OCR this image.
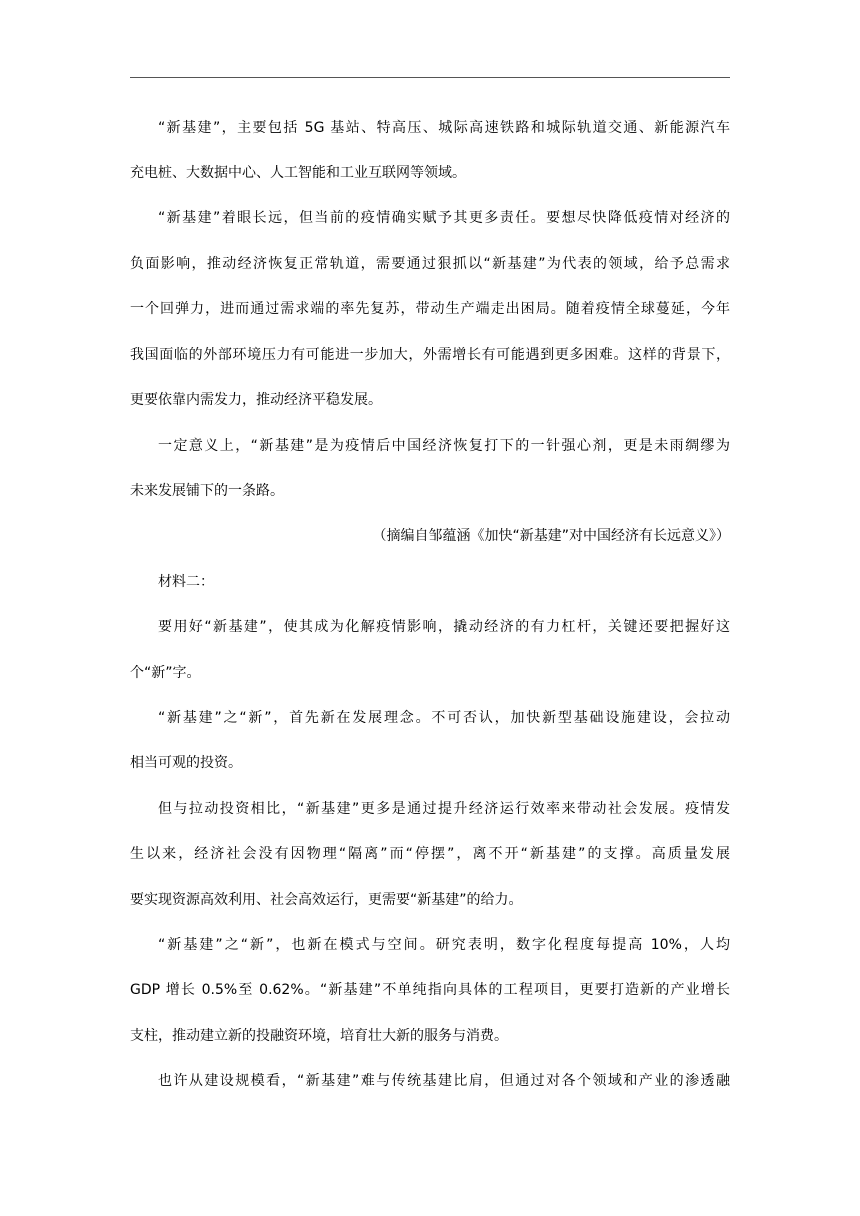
“新基建”，主要包括 5G 基站、特高压、城际高速铁路和城际轨道交通、新能源汽车
充电桩、大数据中心、人工智能和工业互联网等领域。
“新基建”着眼长远，但当前的疫情确实赋予其更多责任。要想尽快降低疫情对经济的
负面影响，推动经济恢复正常轨道，需要通过狠抓以“新基建”为代表的领域，给予总需求
一个回弹力，进而通过需求端的率先复苏，带动生产端走出困局。随着疫情全球蔓延，今年
我国面临的外部环境压力有可能进一步加大，外需增长有可能遇到更多困难。这样的背景下，
更要依靠内需发力，推动经济平稳发展。
一定意义上，“新基建”是为疫情后中国经济恢复打下的一针强心剂，更是未雨绸缪为
未来发展铺下的一条路。
（摘编自邹蕴涵《加快“新基建”对中国经济有长远意义》）
材料二：
要用好“新基建”，使其成为化解疫情影响，撬动经济的有力杠杆，关键还要把握好这
个“新”字。
“新基建”之“新”，首先新在发展理念。不可否认，加快新型基础设施建设，会拉动
相当可观的投资。
但与拉动投资相比，“新基建”更多是通过提升经济运行效率来带动社会发展。疫情发
生以来，经济社会没有因物理“隔离”而“停摆”，离不开“新基建”的支撑。高质量发展
要实现资源高效利用、社会高效运行，更需要“新基建”的给力。
“新基建”之“新”，也新在模式与空间。研究表明，数字化程度每提高 10%，人均
GDP 增长 0.5%至 0.62%。“新基建”不单纯指向具体的工程项目，更要打造新的产业增长
支柱，推动建立新的投融资环境，培育壮大新的服务与消费。
也许从建设规模看，“新基建”难与传统基建比肩，但通过对各个领域和产业的渗透融
